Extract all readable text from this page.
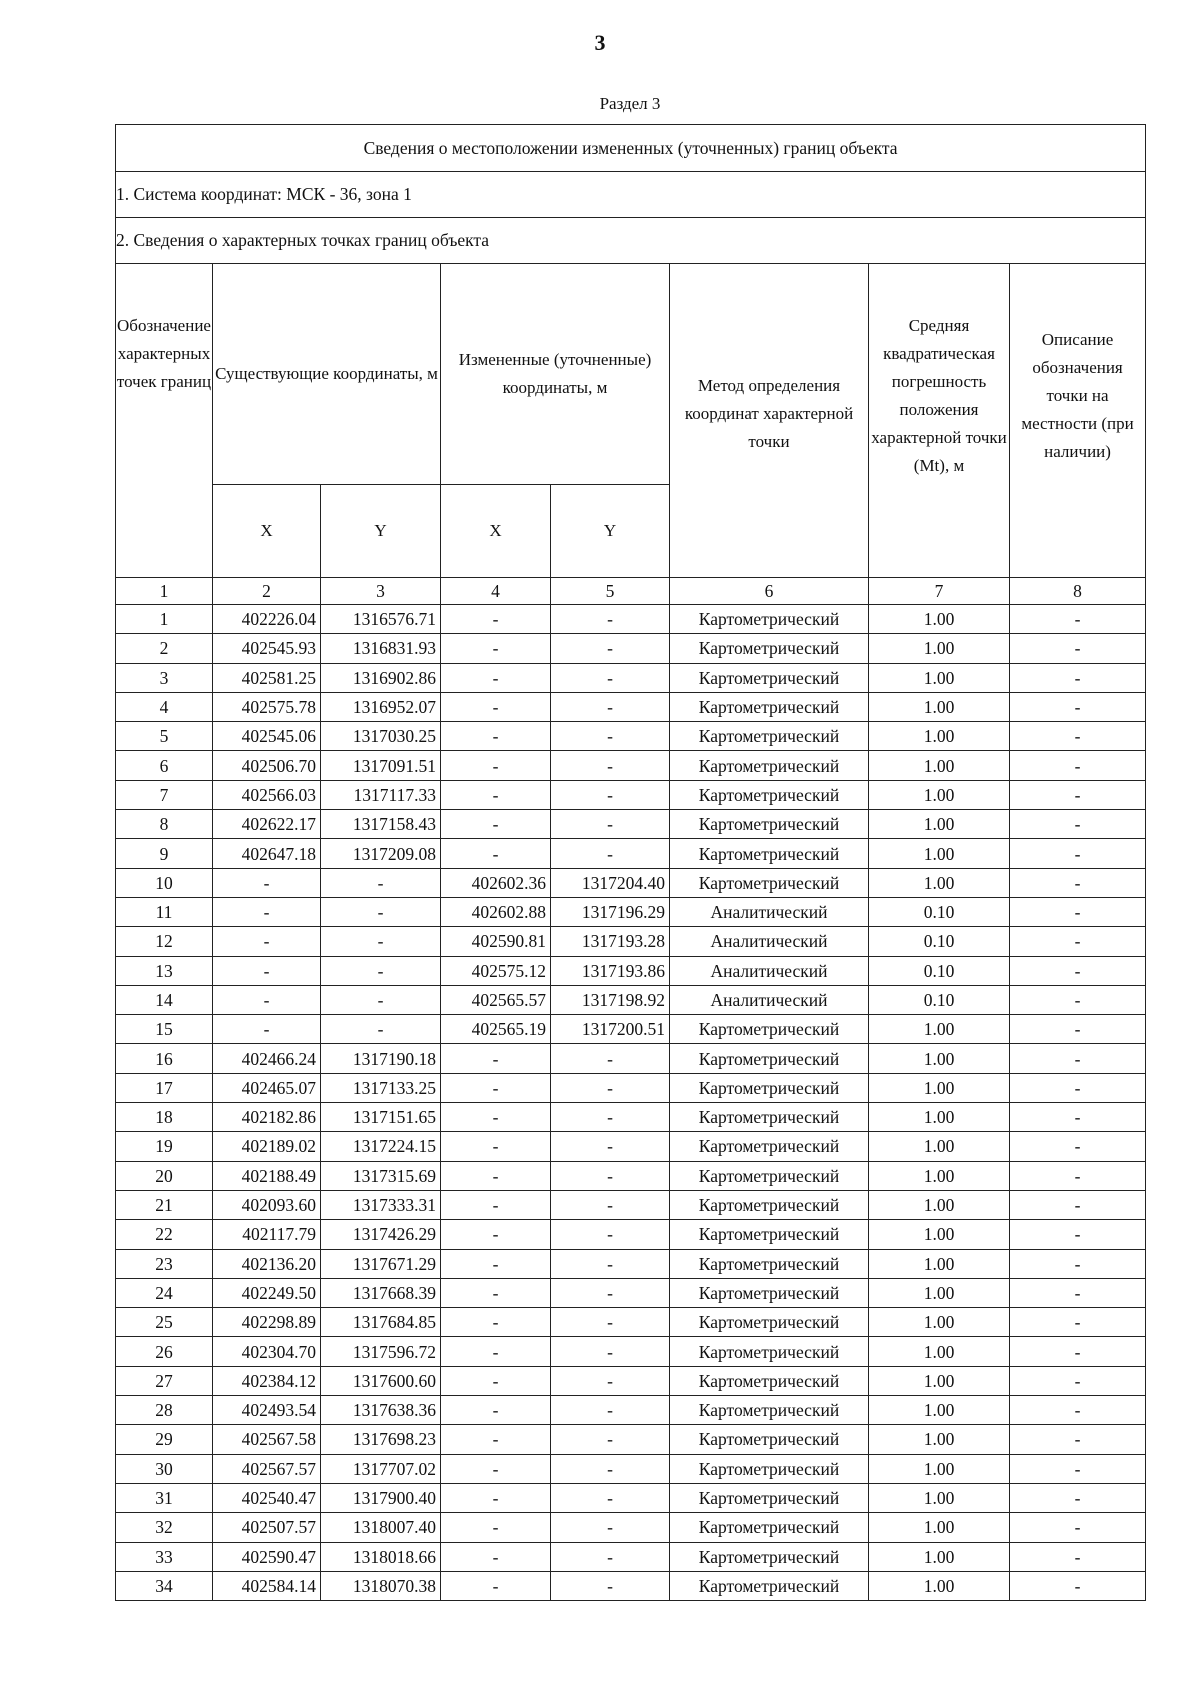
3
Раздел 3
Сведения о местоположении измененных (уточненных) границ объекта							
1. Система координат: МСК - 36, зона 1							
2. Сведения о характерных точках границ объекта							
Обозначение характерных точек границ	Существующие координаты, м		Измененные (уточненные) координаты, м		Метод определения координат характерной точки	Средняя квадратическая погрешность положения характерной точки (Mt), м	Описание обозначения точки на местности (при наличии)
	X	Y	X	Y			
1	2	3	4	5	6	7	8
1	402226.04	1316576.71	-	-	Картометрический	1.00	-
2	402545.93	1316831.93	-	-	Картометрический	1.00	-
3	402581.25	1316902.86	-	-	Картометрический	1.00	-
4	402575.78	1316952.07	-	-	Картометрический	1.00	-
5	402545.06	1317030.25	-	-	Картометрический	1.00	-
6	402506.70	1317091.51	-	-	Картометрический	1.00	-
7	402566.03	1317117.33	-	-	Картометрический	1.00	-
8	402622.17	1317158.43	-	-	Картометрический	1.00	-
9	402647.18	1317209.08	-	-	Картометрический	1.00	-
10	-	-	402602.36	1317204.40	Картометрический	1.00	-
11	-	-	402602.88	1317196.29	Аналитический	0.10	-
12	-	-	402590.81	1317193.28	Аналитический	0.10	-
13	-	-	402575.12	1317193.86	Аналитический	0.10	-
14	-	-	402565.57	1317198.92	Аналитический	0.10	-
15	-	-	402565.19	1317200.51	Картометрический	1.00	-
16	402466.24	1317190.18	-	-	Картометрический	1.00	-
17	402465.07	1317133.25	-	-	Картометрический	1.00	-
18	402182.86	1317151.65	-	-	Картометрический	1.00	-
19	402189.02	1317224.15	-	-	Картометрический	1.00	-
20	402188.49	1317315.69	-	-	Картометрический	1.00	-
21	402093.60	1317333.31	-	-	Картометрический	1.00	-
22	402117.79	1317426.29	-	-	Картометрический	1.00	-
23	402136.20	1317671.29	-	-	Картометрический	1.00	-
24	402249.50	1317668.39	-	-	Картометрический	1.00	-
25	402298.89	1317684.85	-	-	Картометрический	1.00	-
26	402304.70	1317596.72	-	-	Картометрический	1.00	-
27	402384.12	1317600.60	-	-	Картометрический	1.00	-
28	402493.54	1317638.36	-	-	Картометрический	1.00	-
29	402567.58	1317698.23	-	-	Картометрический	1.00	-
30	402567.57	1317707.02	-	-	Картометрический	1.00	-
31	402540.47	1317900.40	-	-	Картометрический	1.00	-
32	402507.57	1318007.40	-	-	Картометрический	1.00	-
33	402590.47	1318018.66	-	-	Картометрический	1.00	-
34	402584.14	1318070.38	-	-	Картометрический	1.00	-
